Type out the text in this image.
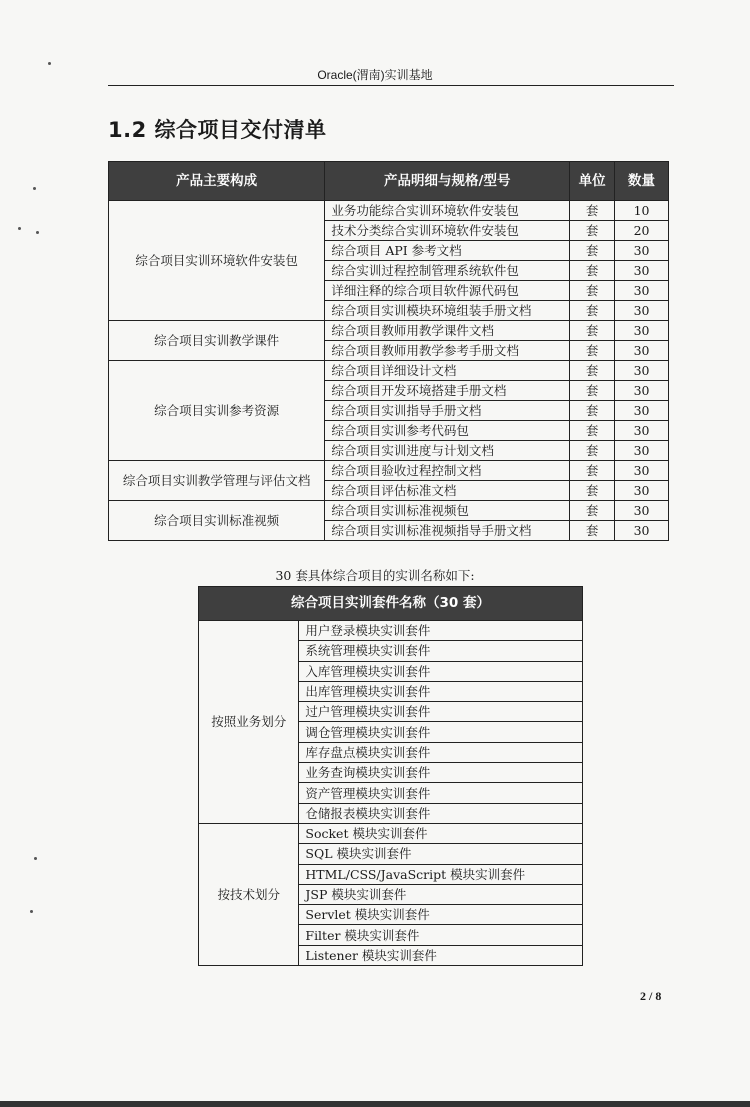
Oracle(渭南)实训基地
1.2 综合项目交付清单
产品主要构成	产品明细与规格/型号	单位	数量
综合项目实训环境软件安装包	业务功能综合实训环境软件安装包	套	10
	技术分类综合实训环境软件安装包	套	20
	综合项目 API 参考文档	套	30
	综合实训过程控制管理系统软件包	套	30
	详细注释的综合项目软件源代码包	套	30
	综合项目实训模块环境组装手册文档	套	30
综合项目实训教学课件	综合项目教师用教学课件文档	套	30
	综合项目教师用教学参考手册文档	套	30
综合项目实训参考资源	综合项目详细设计文档	套	30
	综合项目开发环境搭建手册文档	套	30
	综合项目实训指导手册文档	套	30
	综合项目实训参考代码包	套	30
	综合项目实训进度与计划文档	套	30
综合项目实训教学管理与评估文档	综合项目验收过程控制文档	套	30
	综合项目评估标准文档	套	30
综合项目实训标准视频	综合项目实训标准视频包	套	30
	综合项目实训标准视频指导手册文档	套	30
30 套具体综合项目的实训名称如下:
综合项目实训套件名称（30 套）	
按照业务划分	用户登录模块实训套件
	系统管理模块实训套件
	入库管理模块实训套件
	出库管理模块实训套件
	过户管理模块实训套件
	调仓管理模块实训套件
	库存盘点模块实训套件
	业务查询模块实训套件
	资产管理模块实训套件
	仓储报表模块实训套件
按技术划分	Socket 模块实训套件
	SQL 模块实训套件
	HTML/CSS/JavaScript 模块实训套件
	JSP 模块实训套件
	Servlet 模块实训套件
	Filter 模块实训套件
	Listener 模块实训套件
2 / 8
